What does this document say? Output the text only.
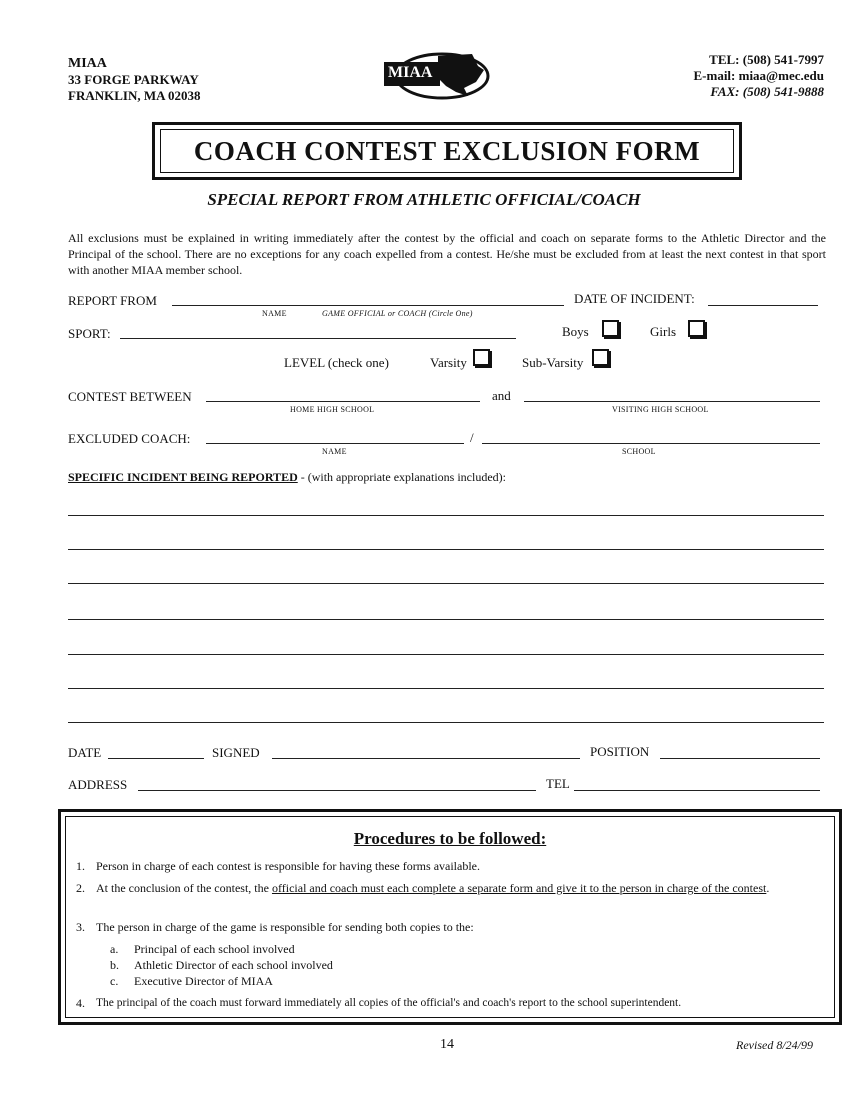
MIAA
33 FORGE PARKWAY
FRANKLIN, MA 02038
MIAA
TEL: (508) 541-7997
E-mail: miaa@mec.edu
FAX: (508) 541-9888
COACH CONTEST EXCLUSION FORM
SPECIAL REPORT FROM ATHLETIC OFFICIAL/COACH
All exclusions must be explained in writing immediately after the contest by the official and coach on separate forms to the Athletic Director and the Principal of the school. There are no exceptions for any coach expelled from a contest. He/she must be excluded from at least the next contest in that sport with another MIAA member school.
REPORT FROM
NAME	GAME OFFICIAL or COACH (Circle One)
DATE OF INCIDENT:
SPORT:	Boys	Girls
LEVEL (check one)	Varsity	Sub-Varsity
CONTEST BETWEEN
HOME HIGH SCHOOL
and
VISITING HIGH SCHOOL
EXCLUDED COACH:	/
NAME	SCHOOL
SPECIFIC INCIDENT BEING REPORTED - (with appropriate explanations included):
DATE	SIGNED	POSITION
ADDRESS	TEL
Procedures to be followed:
1. Person in charge of each contest is responsible for having these forms available.
2. At the conclusion of the contest, the official and coach must each complete a separate form and give it to the person in charge of the contest.
3. The person in charge of the game is responsible for sending both copies to the:
a. Principal of each school involved
b. Athletic Director of each school involved
c. Executive Director of MIAA
4. The principal of the coach must forward immediately all copies of the official's and coach's report to the school superintendent.
14	Revised 8/24/99
